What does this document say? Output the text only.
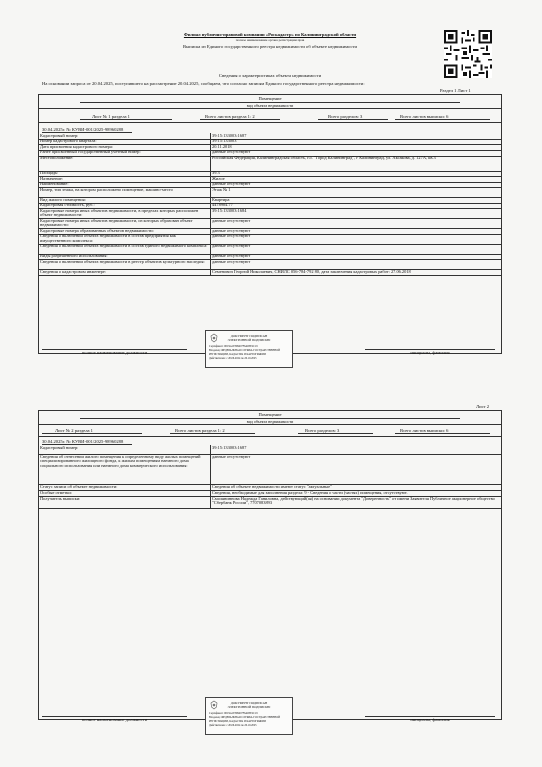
Филиал публично-правовой компании «Роскадастр» по Калининградской области
полное наименование органа регистрации прав
Выписка из Единого государственного реестра недвижимости об объекте недвижимости
Сведения о характеристиках объекта недвижимости
На основании запроса от 20.04.2025, поступившего на рассмотрение 20.04.2025, сообщаем, что согласно записям Единого государственного реестра недвижимости:
Раздел 1 Лист 1
Помещение
вид объекта недвижимости
Лист № 1 раздела 1	Всего листов раздела 1: 2	Всего разделов: 3	Всего листов выписки: 6
30.04.2025г. № КУВИ-001/2025-98960288
Кадастровый номер:	39:15:133003:1687
Номер кадастрового квартала:	39:15:133003
Дата присвоения кадастрового номера:	20.11.2018
Ранее присвоенный государственный учетный номер:	данные отсутствуют
Местоположение:	Российская Федерация, Калининградская область, г.о. "Город Калининград", г Калининград, ул. Аксакова, д. 127А, кв.3
Площадь:	39.3
Назначение:	Жилое
Наименование:	данные отсутствуют
Номер, тип этажа, на котором расположено помещение, машино-место	Этаж № 1
Вид жилого помещения:	Квартира
Кадастровая стоимость, руб.:	4478904.77
Кадастровые номера иных объектов недвижимости, в пределах которых расположен объект недвижимости:
39:15:133003:1684
Кадастровые номера иных объектов недвижимости, из которых образован объект недвижимости:
данные отсутствуют
Кадастровые номера образованных объектов недвижимости:	данные отсутствуют
Сведения о включении объекта недвижимости в состав предприятия как имущественного комплекса:
данные отсутствуют
Сведения о включении объекта недвижимости в состав единого недвижимого комплекса: данные отсутствуют
Виды разрешенного использования:	данные отсутствуют
Сведения о включении объекта недвижимости в реестр объектов культурного наследия:	данные отсутствуют
Сведения о кадастровом инженере:	Семенович Георгий Николаевич, СНИЛС 056-784-792 80, дата заключения кадастровых работ: 27.06.2018
полное наименование должности	инициалы, фамилия
ДОКУМЕНТ ПОДПИСАН
ЭЛЕКТРОННОЙ ПОДПИСЬЮ
Сертификат: 00C9A1E5B4D7F6A83E2C19
Владелец: ФЕДЕРАЛЬНАЯ СЛУЖБА ГОСУДАРСТВЕННОЙ
РЕГИСТРАЦИИ, КАДАСТРА И КАРТОГРАФИИ
Действителен: с 20.06.2024 по 20.10.2025
Лист 2
Помещение
вид объекта недвижимости
Лист № 2 раздела 1	Всего листов раздела 1: 2	Всего разделов: 3	Всего листов выписки: 6
30.04.2025г. № КУВИ-001/2025-98960288
Кадастровый номер:	39:15:133003:1687
Сведения об отнесении жилого помещения к определенному виду жилых помещений специализированного жилищного фонда, к жилым помещениям наемного дома социального использования или наемного дома коммерческого использования:
данные отсутствуют
Статус записи об объекте недвижимости:	Сведения об объекте недвижимости имеют статус "актуальные"
Особые отметки:	Сведения, необходимые для заполнения раздела: 9 - Сведения о части (частях) помещения, отсутствуют.
Получатель выписки:	Смоляниннова Надежда Ганиловна, действующий(ая) на основании документа "Доверенность" от имени Заявителя Публичное акционерное общество "Сбербанк России", 7707083893
полное наименование должности	инициалы, фамилия
ДОКУМЕНТ ПОДПИСАН
ЭЛЕКТРОННОЙ ПОДПИСЬЮ
Сертификат: 00C9A1E5B4D7F6A83E2C19
Владелец: ФЕДЕРАЛЬНАЯ СЛУЖБА ГОСУДАРСТВЕННОЙ
РЕГИСТРАЦИИ, КАДАСТРА И КАРТОГРАФИИ
Действителен: с 20.06.2024 по 20.10.2025
